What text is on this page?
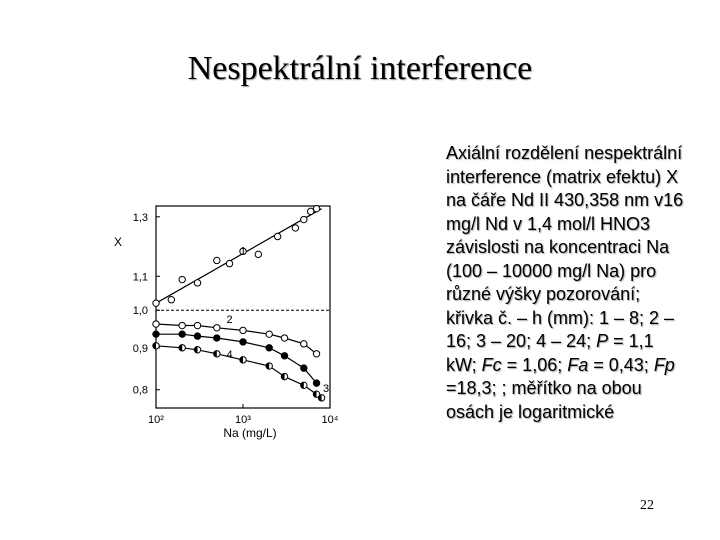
Nespektrální interference
1,3
1,1
1,0
0,9
0,8
10²	10³	10⁴
X
Na (mg/L)
1
2
4
3
Axiální rozdělení nespektrální interference (matrix efektu) X na čáře Nd II 430,358 nm v16 mg/l Nd v 1,4 mol/l HNO3 závislosti na koncentraci Na (100 – 10000 mg/l Na) pro různé výšky pozorování; křivka č. – h (mm): 1 – 8; 2 – 16; 3 – 20; 4 – 24; P = 1,1 kW; Fc = 1,06; Fa = 0,43; Fp =18,3; ; měřítko na obou osách je logaritmické
22
